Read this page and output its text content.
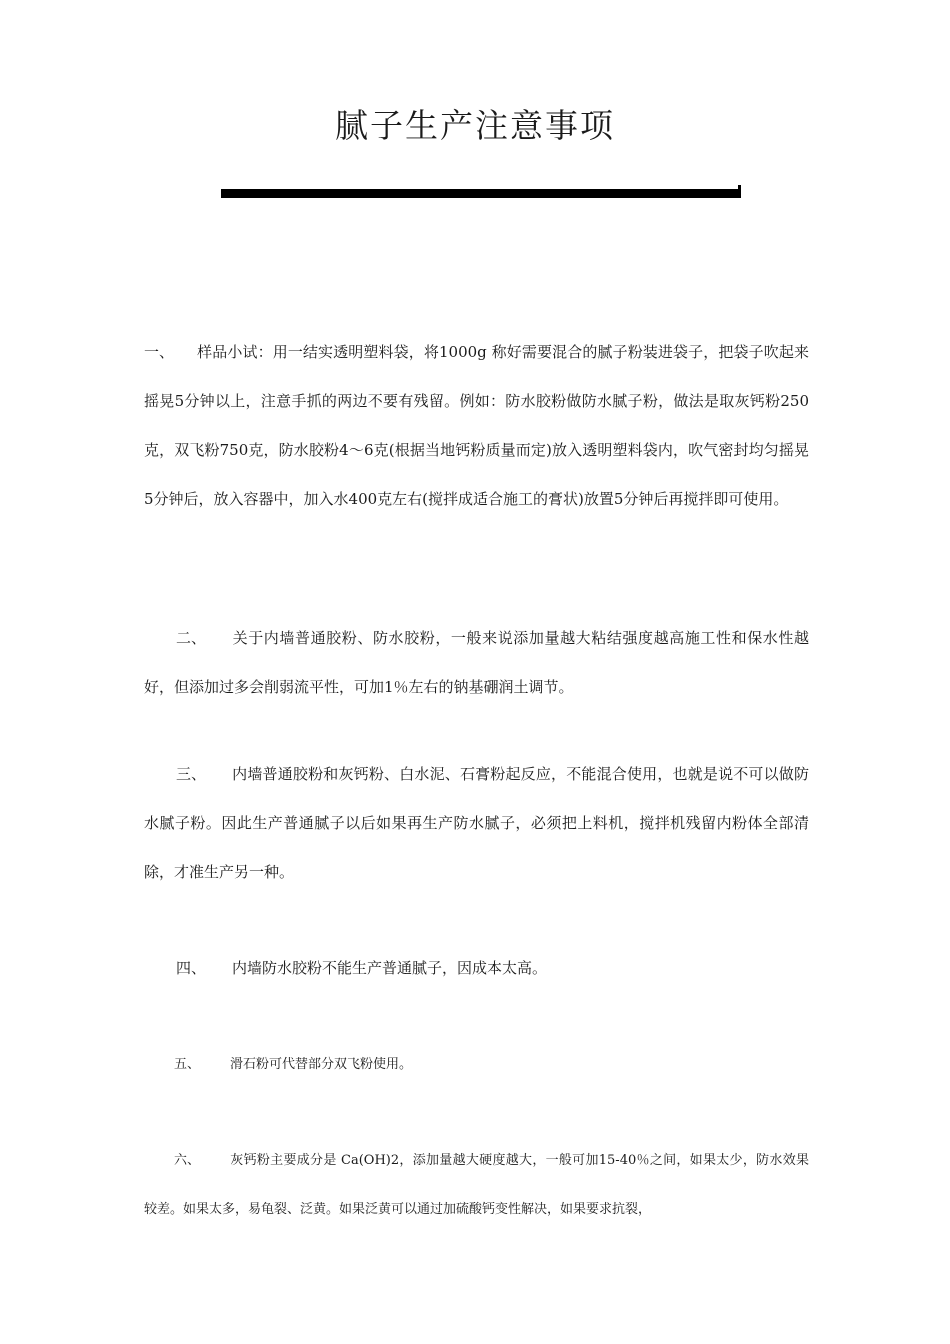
腻子生产注意事项

一、 样品小试：用一结实透明塑料袋，将1000g 称好需要混合的腻子粉装进袋子，把袋子吹起来摇晃5分钟以上，注意手抓的两边不要有残留。例如：防水胶粉做防水腻子粉，做法是取灰钙粉250克，双飞粉750克，防水胶粉4～6克(根据当地钙粉质量而定)放入透明塑料袋内，吹气密封均匀摇晃5分钟后，放入容器中，加入水400克左右(搅拌成适合施工的膏状)放置5分钟后再搅拌即可使用。

二、 关于内墙普通胶粉、防水胶粉，一般来说添加量越大粘结强度越高施工性和保水性越好，但添加过多会削弱流平性，可加1％左右的钠基硼润土调节。

三、 内墙普通胶粉和灰钙粉、白水泥、石膏粉起反应，不能混合使用，也就是说不可以做防水腻子粉。因此生产普通腻子以后如果再生产防水腻子，必须把上料机，搅拌机残留内粉体全部清除，才准生产另一种。

四、 内墙防水胶粉不能生产普通腻子，因成本太高。

五、 滑石粉可代替部分双飞粉使用。

六、 灰钙粉主要成分是 Ca(OH)2，添加量越大硬度越大，一般可加15-40％之间，如果太少，防水效果较差。如果太多，易龟裂、泛黄。如果泛黄可以通过加硫酸钙变性解决，如果要求抗裂，
